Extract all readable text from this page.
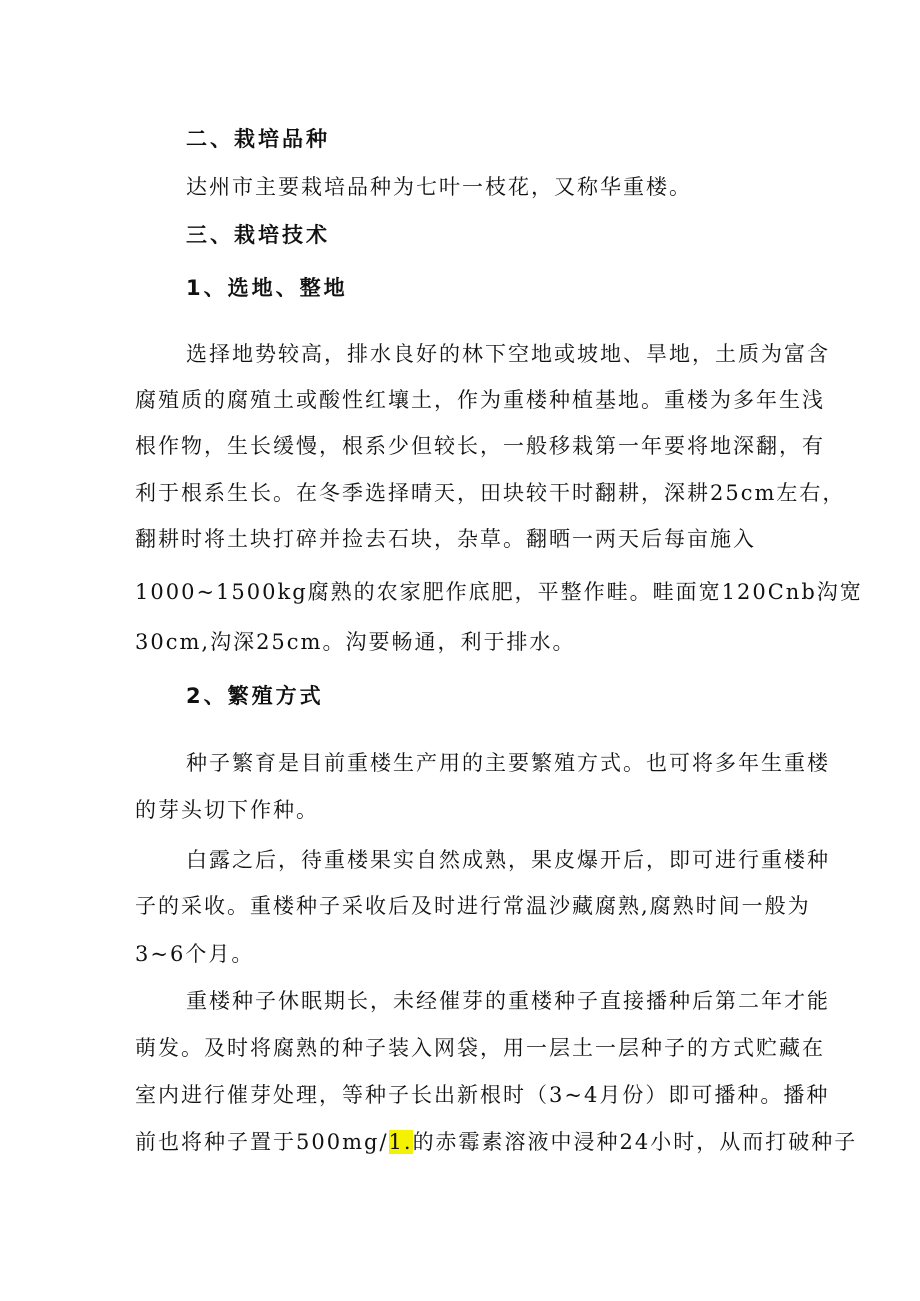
二、栽培品种
达州市主要栽培品种为七叶一枝花，又称华重楼。
三、栽培技术
1、选地、整地
选择地势较高，排水良好的林下空地或坡地、旱地，土质为富含
腐殖质的腐殖土或酸性红壤土，作为重楼种植基地。重楼为多年生浅
根作物，生长缓慢，根系少但较长，一般移栽第一年要将地深翻，有
利于根系生长。在冬季选择晴天，田块较干时翻耕，深耕25cm左右，
翻耕时将土块打碎并捡去石块，杂草。翻晒一两天后每亩施入
1000~1500kg腐熟的农家肥作底肥，平整作畦。畦面宽120Cnb沟宽
30cm,沟深25cm。沟要畅通，利于排水。
2、繁殖方式
种子繁育是目前重楼生产用的主要繁殖方式。也可将多年生重楼
的芽头切下作种。
白露之后，待重楼果实自然成熟，果皮爆开后，即可进行重楼种
子的采收。重楼种子采收后及时进行常温沙藏腐熟,腐熟时间一般为
3~6个月。
重楼种子休眠期长，未经催芽的重楼种子直接播种后第二年才能
萌发。及时将腐熟的种子装入网袋，用一层土一层种子的方式贮藏在
室内进行催芽处理，等种子长出新根时（3~4月份）即可播种。播种
前也将种子置于500mg/1.的赤霉素溶液中浸种24小时，从而打破种子
